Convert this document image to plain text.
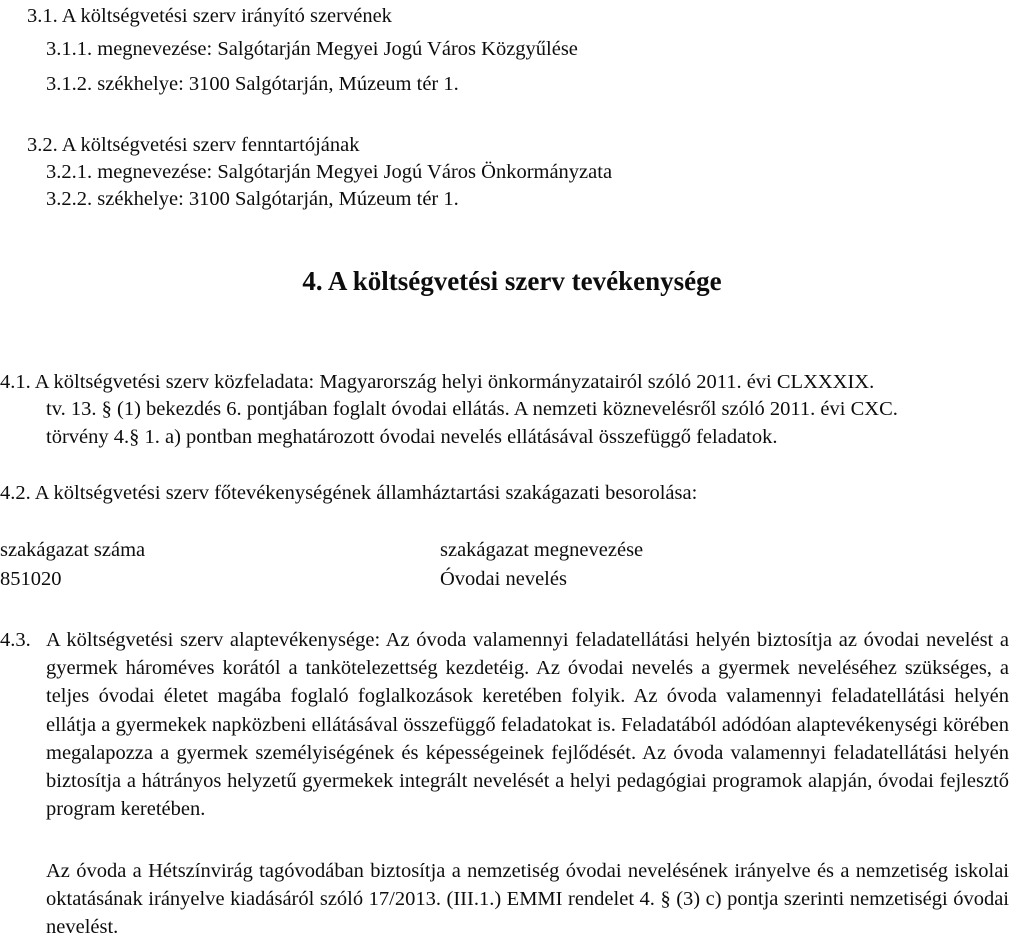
3.1. A költségvetési szerv irányító szervének
3.1.1. megnevezése: Salgótarján Megyei Jogú Város Közgyűlése
3.1.2. székhelye: 3100 Salgótarján, Múzeum tér 1.
3.2. A költségvetési szerv fenntartójának
3.2.1. megnevezése: Salgótarján Megyei Jogú Város Önkormányzata
3.2.2. székhelye: 3100 Salgótarján, Múzeum tér 1.
4. A költségvetési szerv tevékenysége
4.1. A költségvetési szerv közfeladata: Magyarország helyi önkormányzatairól szóló 2011. évi CLXXXIX.
tv. 13. § (1) bekezdés 6. pontjában foglalt óvodai ellátás. A nemzeti köznevelésről szóló 2011. évi CXC.
törvény 4.§ 1. a) pontban meghatározott óvodai nevelés ellátásával összefüggő feladatok.
4.2. A költségvetési szerv főtevékenységének államháztartási szakágazati besorolása:
szakágazat száma	szakágazat megnevezése
851020	Óvodai nevelés
4.3. A költségvetési szerv alaptevékenysége: Az óvoda valamennyi feladatellátási helyén biztosítja az óvodai nevelést a gyermek hároméves korától a tankötelezettség kezdetéig. Az óvodai nevelés a gyermek neveléséhez szükséges, a teljes óvodai életet magába foglaló foglalkozások keretében folyik. Az óvoda valamennyi feladatellátási helyén ellátja a gyermekek napközbeni ellátásával összefüggő feladatokat is. Feladatából adódóan alaptevékenységi körében megalapozza a gyermek személyiségének és képességeinek fejlődését. Az óvoda valamennyi feladatellátási helyén biztosítja a hátrányos helyzetű gyermekek integrált nevelését a helyi pedagógiai programok alapján, óvodai fejlesztő program keretében.
Az óvoda a Hétszínvirág tagóvodában biztosítja a nemzetiség óvodai nevelésének irányelve és a nemzetiség iskolai oktatásának irányelve kiadásáról szóló 17/2013. (III.1.) EMMI rendelet 4. § (3) c) pontja szerinti nemzetiségi óvodai nevelést.
